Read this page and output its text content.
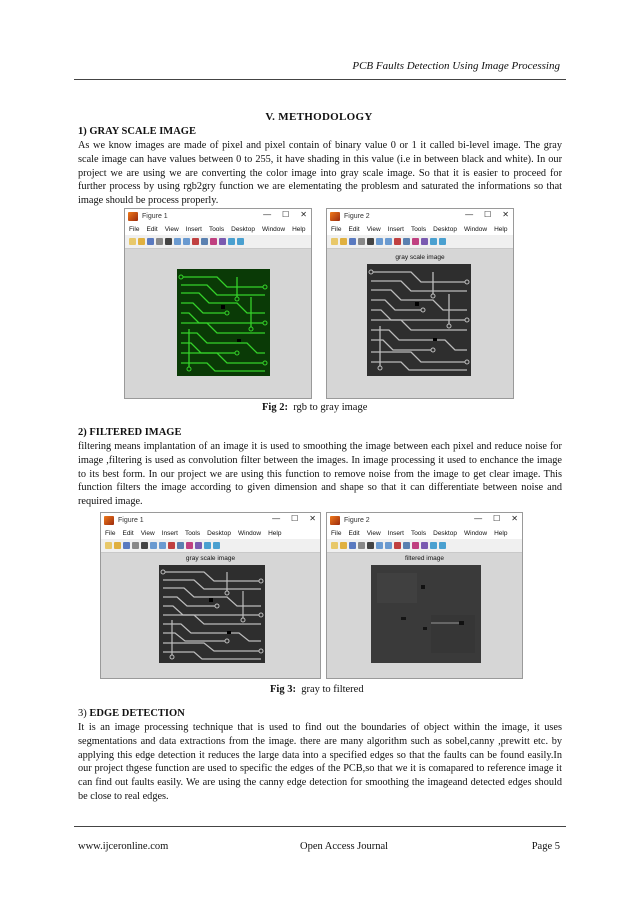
PCB Faults Detection Using Image Processing
V. METHODOLOGY
1) GRAY SCALE IMAGE
As we know images are made of pixel and pixel contain of binary value 0 or 1 it called bi-level image. The gray scale image can have values between 0 to 255, it have shading in this value (i.e in between black and white). In our project we are using we are converting the color image into gray scale image. So that it is easier to proceed for further process by using rgb2gry function we are elementating the problesm and saturated the informations so that image should be process properly.
Figure 1	— ☐ ✕
File Edit View Insert Tools Desktop Window Help
Figure 2	— ☐ ✕
File Edit View Insert Tools Desktop Window Help
gray scale image
Fig 2: rgb to gray image
2) FILTERED IMAGE
filtering means implantation of an image it is used to smoothing the image between each pixel and reduce noise for image ,filtering is used as convolution filter between the images. In image processing it used to enchance the image to its best form. In our project we are using this function to remove noise from the image to get clear image. This function filters the image according to given dimension and shape so that it can differentiate between noise and required image.
Figure 1	— ☐ ✕
File Edit View Insert Tools Desktop Window Help
gray scale image
Figure 2	— ☐ ✕
File Edit View Insert Tools Desktop Window Help
filtered image
Fig 3: gray to filtered
3) EDGE DETECTION
It is an image processing technique that is used to find out the boundaries of object within the image, it uses segmentations and data extractions from the image. there are many algorithm such as sobel,canny ,prewitt etc. by applying this edge detection it reduces the large data into a specified edges so that the faults can be found easily.In our project thgese function are used to specific the edges of the PCB,so that we it is comapared to reference image it can find out faults easily. We are using the canny edge detection for smoothing the imageand detected edges should be close to real edges.
www.ijceronline.com	Open Access Journal	Page 5
